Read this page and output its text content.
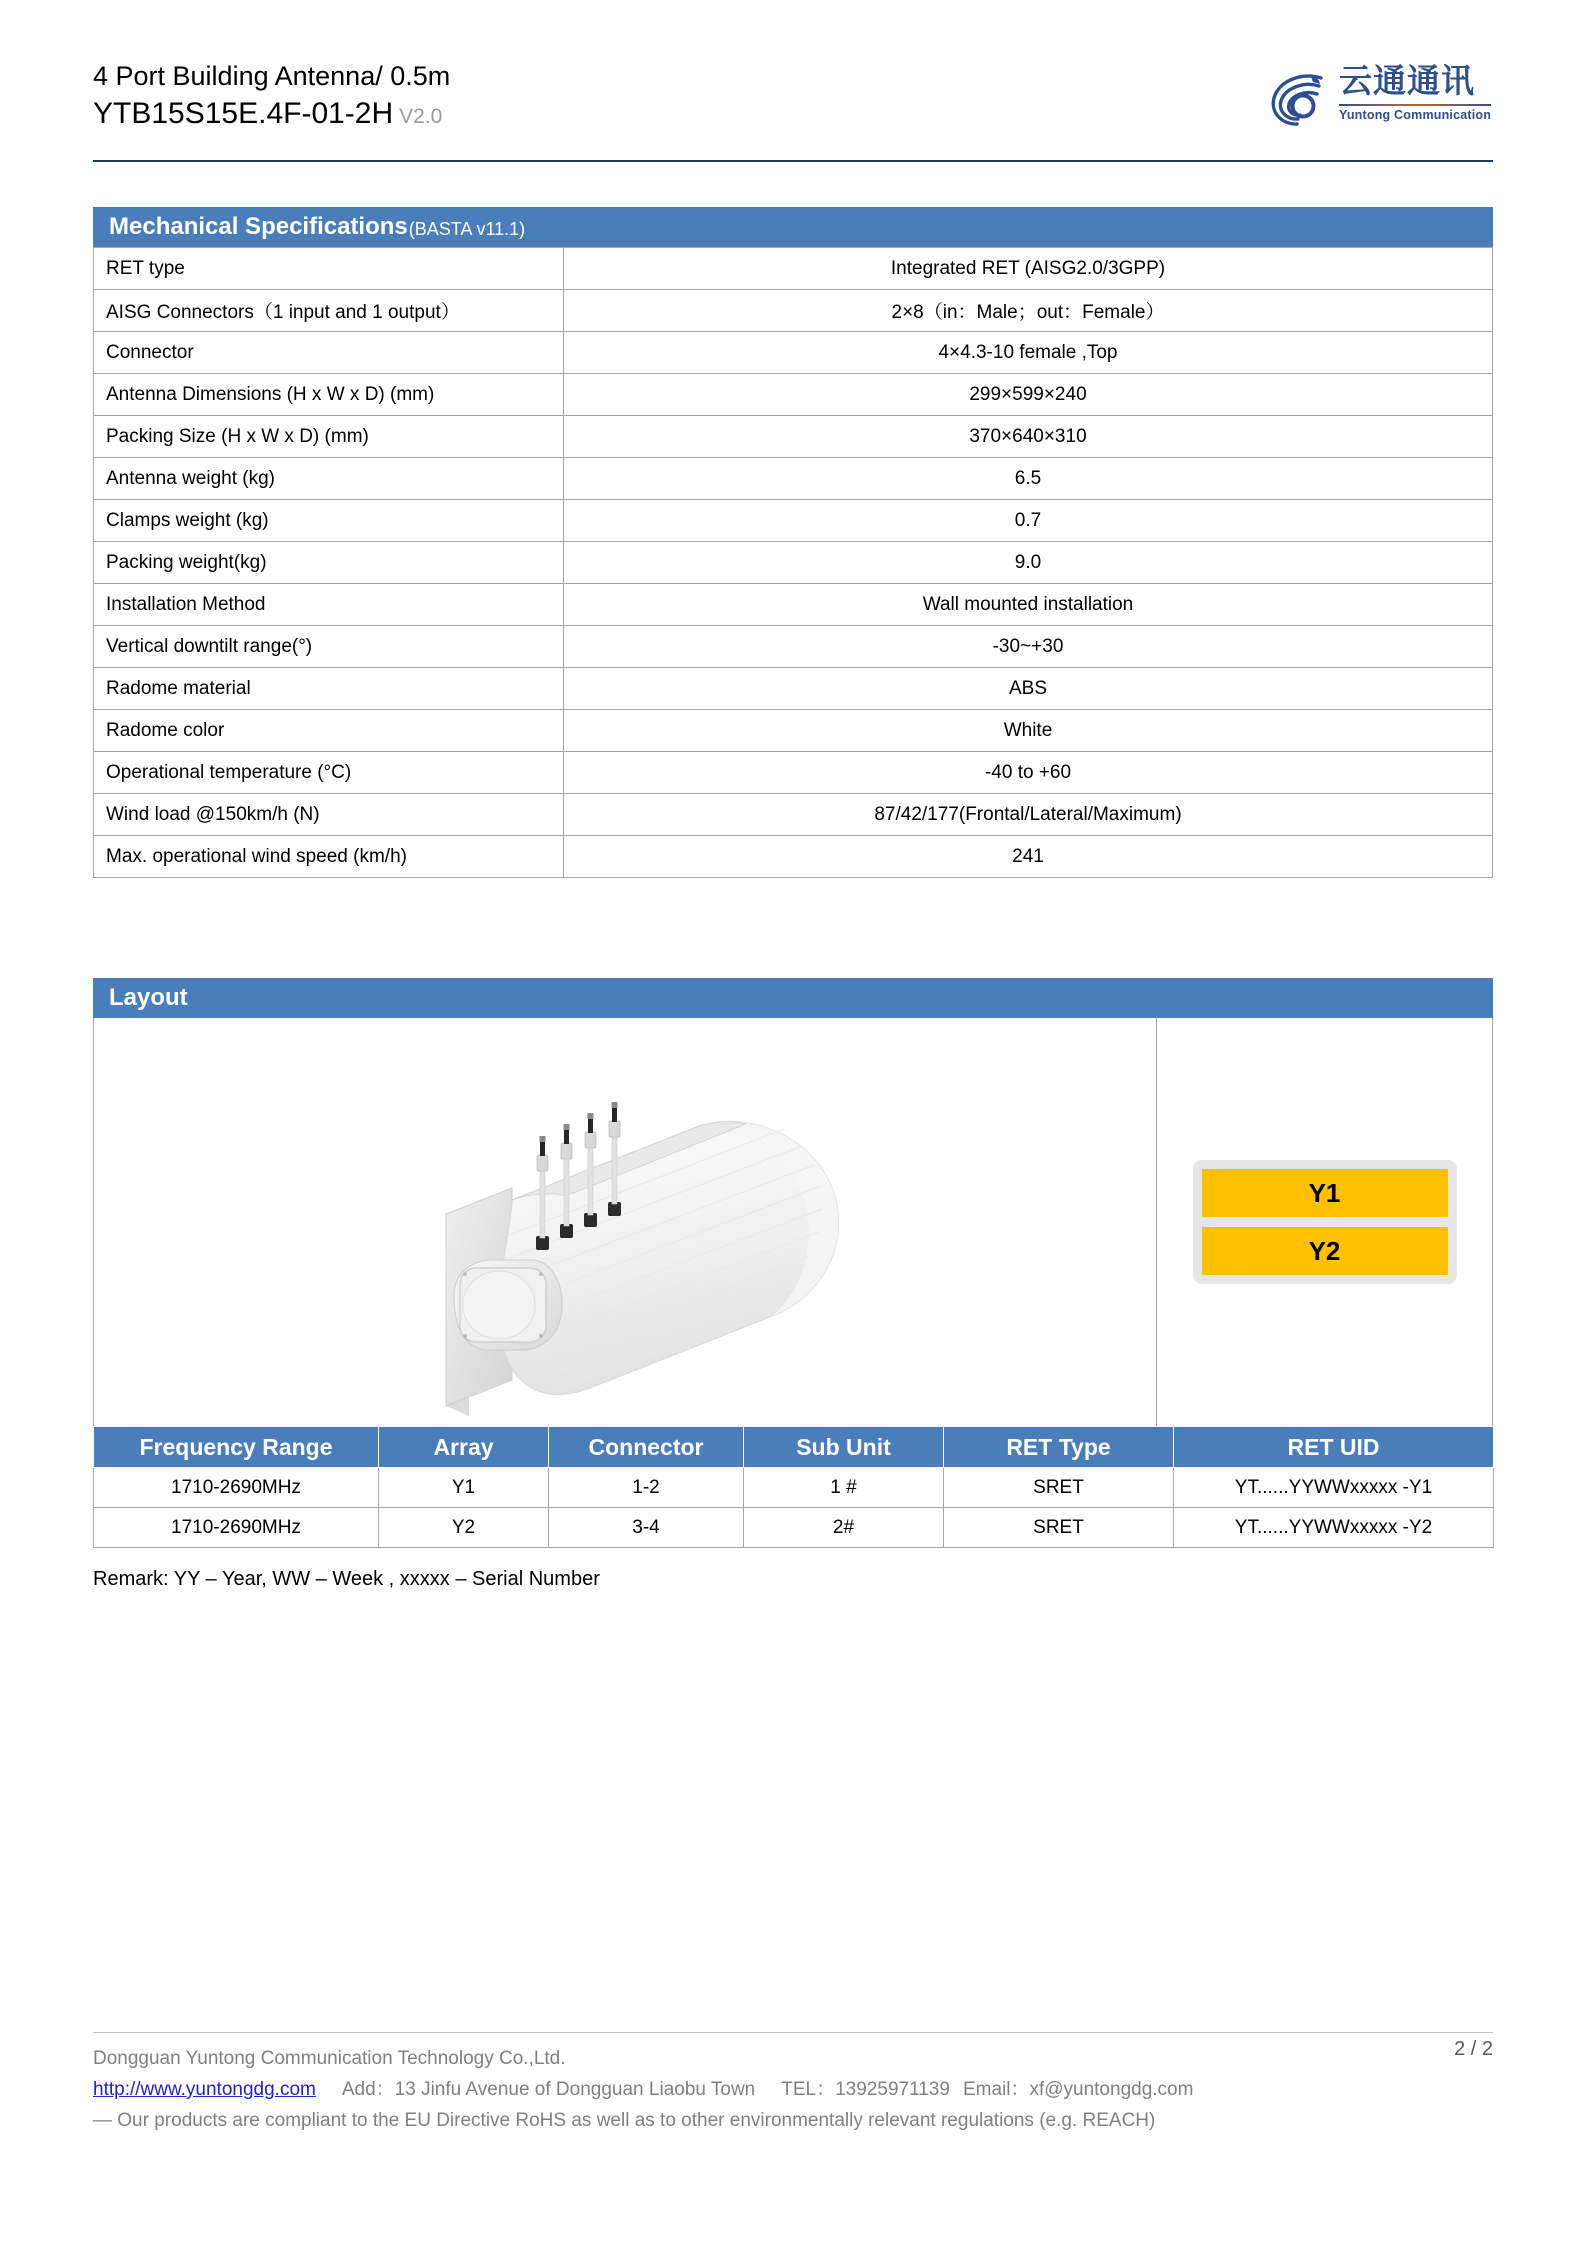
4 Port Building Antenna/ 0.5m
YTB15S15E.4F-01-2H V2.0
云通通讯
Yuntong Communication
Mechanical Specifications (BASTA v11.1)
RET type	Integrated RET (AISG2.0/3GPP)
AISG Connectors（1 input and 1 output）	2×8（in：Male；out：Female）
Connector	4×4.3-10 female ,Top
Antenna Dimensions (H x W x D) (mm)	299×599×240
Packing Size (H x W x D) (mm)	370×640×310
Antenna weight (kg)	6.5
Clamps weight (kg)	0.7
Packing weight(kg)	9.0
Installation Method	Wall mounted installation
Vertical downtilt range(°)	-30~+30
Radome material	ABS
Radome color	White
Operational temperature (°C)	-40 to +60
Wind load @150km/h (N)	87/42/177(Frontal/Lateral/Maximum)
Max. operational wind speed (km/h)	241
Layout
Y1
Y2
Frequency Range	Array	Connector	Sub Unit	RET Type	RET UID
1710-2690MHz	Y1	1-2	1 #	SRET	YT......YYWWxxxxx -Y1
1710-2690MHz	Y2	3-4	2#	SRET	YT......YYWWxxxxx -Y2
Remark: YY – Year, WW – Week , xxxxx – Serial Number
Dongguan Yuntong Communication Technology Co.,Ltd.
http://www.yuntongdg.com Add：13 Jinfu Avenue of Dongguan Liaobu Town TEL：13925971139 Email：xf@yuntongdg.com
— Our products are compliant to the EU Directive RoHS as well as to other environmentally relevant regulations (e.g. REACH)
2 / 2
